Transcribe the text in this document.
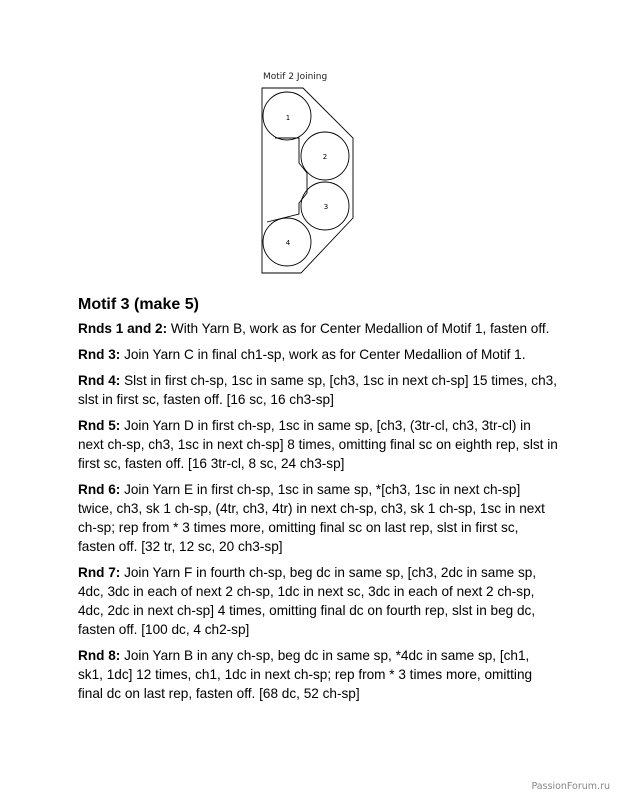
Motif 2 Joining
1
2
3
4
Motif 3 (make 5)

Rnds 1 and 2: With Yarn B, work as for Center Medallion of Motif 1, fasten off.

Rnd 3: Join Yarn C in final ch1-sp, work as for Center Medallion of Motif 1.

Rnd 4: Slst in first ch-sp, 1sc in same sp, [ch3, 1sc in next ch-sp] 15 times, ch3, slst in first sc, fasten off. [16 sc, 16 ch3-sp]

Rnd 5: Join Yarn D in first ch-sp, 1sc in same sp, [ch3, (3tr-cl, ch3, 3tr-cl) in next ch-sp, ch3, 1sc in next ch-sp] 8 times, omitting final sc on eighth rep, slst in first sc, fasten off. [16 3tr-cl, 8 sc, 24 ch3-sp]

Rnd 6: Join Yarn E in first ch-sp, 1sc in same sp, *[ch3, 1sc in next ch-sp] twice, ch3, sk 1 ch-sp, (4tr, ch3, 4tr) in next ch-sp, ch3, sk 1 ch-sp, 1sc in next ch-sp; rep from * 3 times more, omitting final sc on last rep, slst in first sc, fasten off. [32 tr, 12 sc, 20 ch3-sp]

Rnd 7: Join Yarn F in fourth ch-sp, beg dc in same sp, [ch3, 2dc in same sp, 4dc, 3dc in each of next 2 ch-sp, 1dc in next sc, 3dc in each of next 2 ch-sp, 4dc, 2dc in next ch-sp] 4 times, omitting final dc on fourth rep, slst in beg dc, fasten off. [100 dc, 4 ch2-sp]

Rnd 8: Join Yarn B in any ch-sp, beg dc in same sp, *4dc in same sp, [ch1, sk1, 1dc] 12 times, ch1, 1dc in next ch-sp; rep from * 3 times more, omitting final dc on last rep, fasten off. [68 dc, 52 ch-sp]

PassionForum.ru
